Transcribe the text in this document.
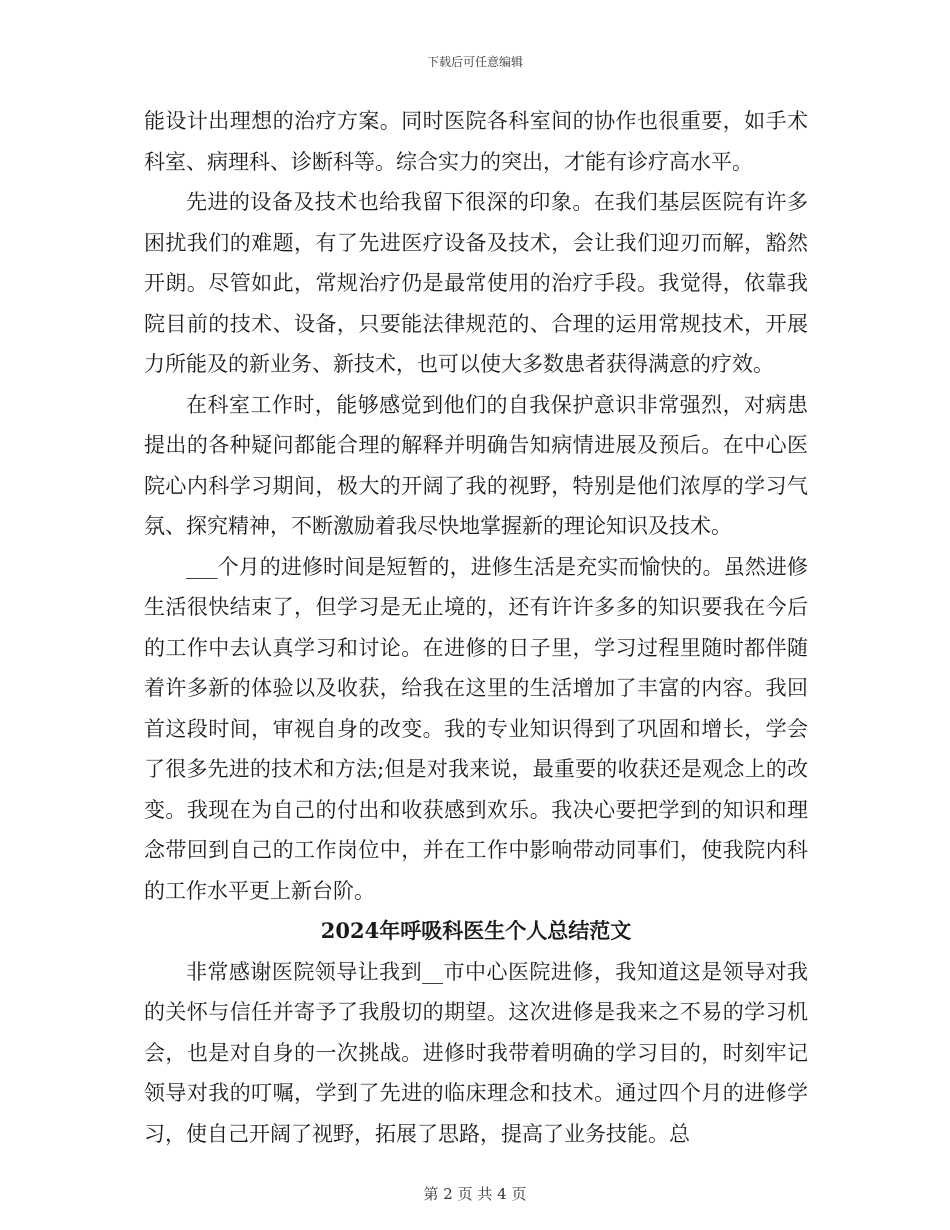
下载后可任意编辑

能设计出理想的治疗方案。同时医院各科室间的协作也很重要，如手术科室、病理科、诊断科等。综合实力的突出，才能有诊疗高水平。

先进的设备及技术也给我留下很深的印象。在我们基层医院有许多困扰我们的难题，有了先进医疗设备及技术，会让我们迎刃而解，豁然开朗。尽管如此，常规治疗仍是最常使用的治疗手段。我觉得，依靠我院目前的技术、设备，只要能法律规范的、合理的运用常规技术，开展力所能及的新业务、新技术，也可以使大多数患者获得满意的疗效。

在科室工作时，能够感觉到他们的自我保护意识非常强烈，对病患提出的各种疑问都能合理的解释并明确告知病情进展及预后。在中心医院心内科学习期间，极大的开阔了我的视野，特别是他们浓厚的学习气氛、探究精神，不断激励着我尽快地掌握新的理论知识及技术。

___个月的进修时间是短暂的，进修生活是充实而愉快的。虽然进修生活很快结束了，但学习是无止境的，还有许许多多的知识要我在今后的工作中去认真学习和讨论。在进修的日子里，学习过程里随时都伴随着许多新的体验以及收获，给我在这里的生活增加了丰富的内容。我回首这段时间，审视自身的改变。我的专业知识得到了巩固和增长，学会了很多先进的技术和方法;但是对我来说，最重要的收获还是观念上的改变。我现在为自己的付出和收获感到欢乐。我决心要把学到的知识和理念带回到自己的工作岗位中，并在工作中影响带动同事们，使我院内科的工作水平更上新台阶。

2024年呼吸科医生个人总结范文

非常感谢医院领导让我到__市中心医院进修，我知道这是领导对我的关怀与信任并寄予了我殷切的期望。这次进修是我来之不易的学习机会，也是对自身的一次挑战。进修时我带着明确的学习目的，时刻牢记领导对我的叮嘱，学到了先进的临床理念和技术。通过四个月的进修学习，使自己开阔了视野，拓展了思路，提高了业务技能。总

第 2 页 共 4 页
